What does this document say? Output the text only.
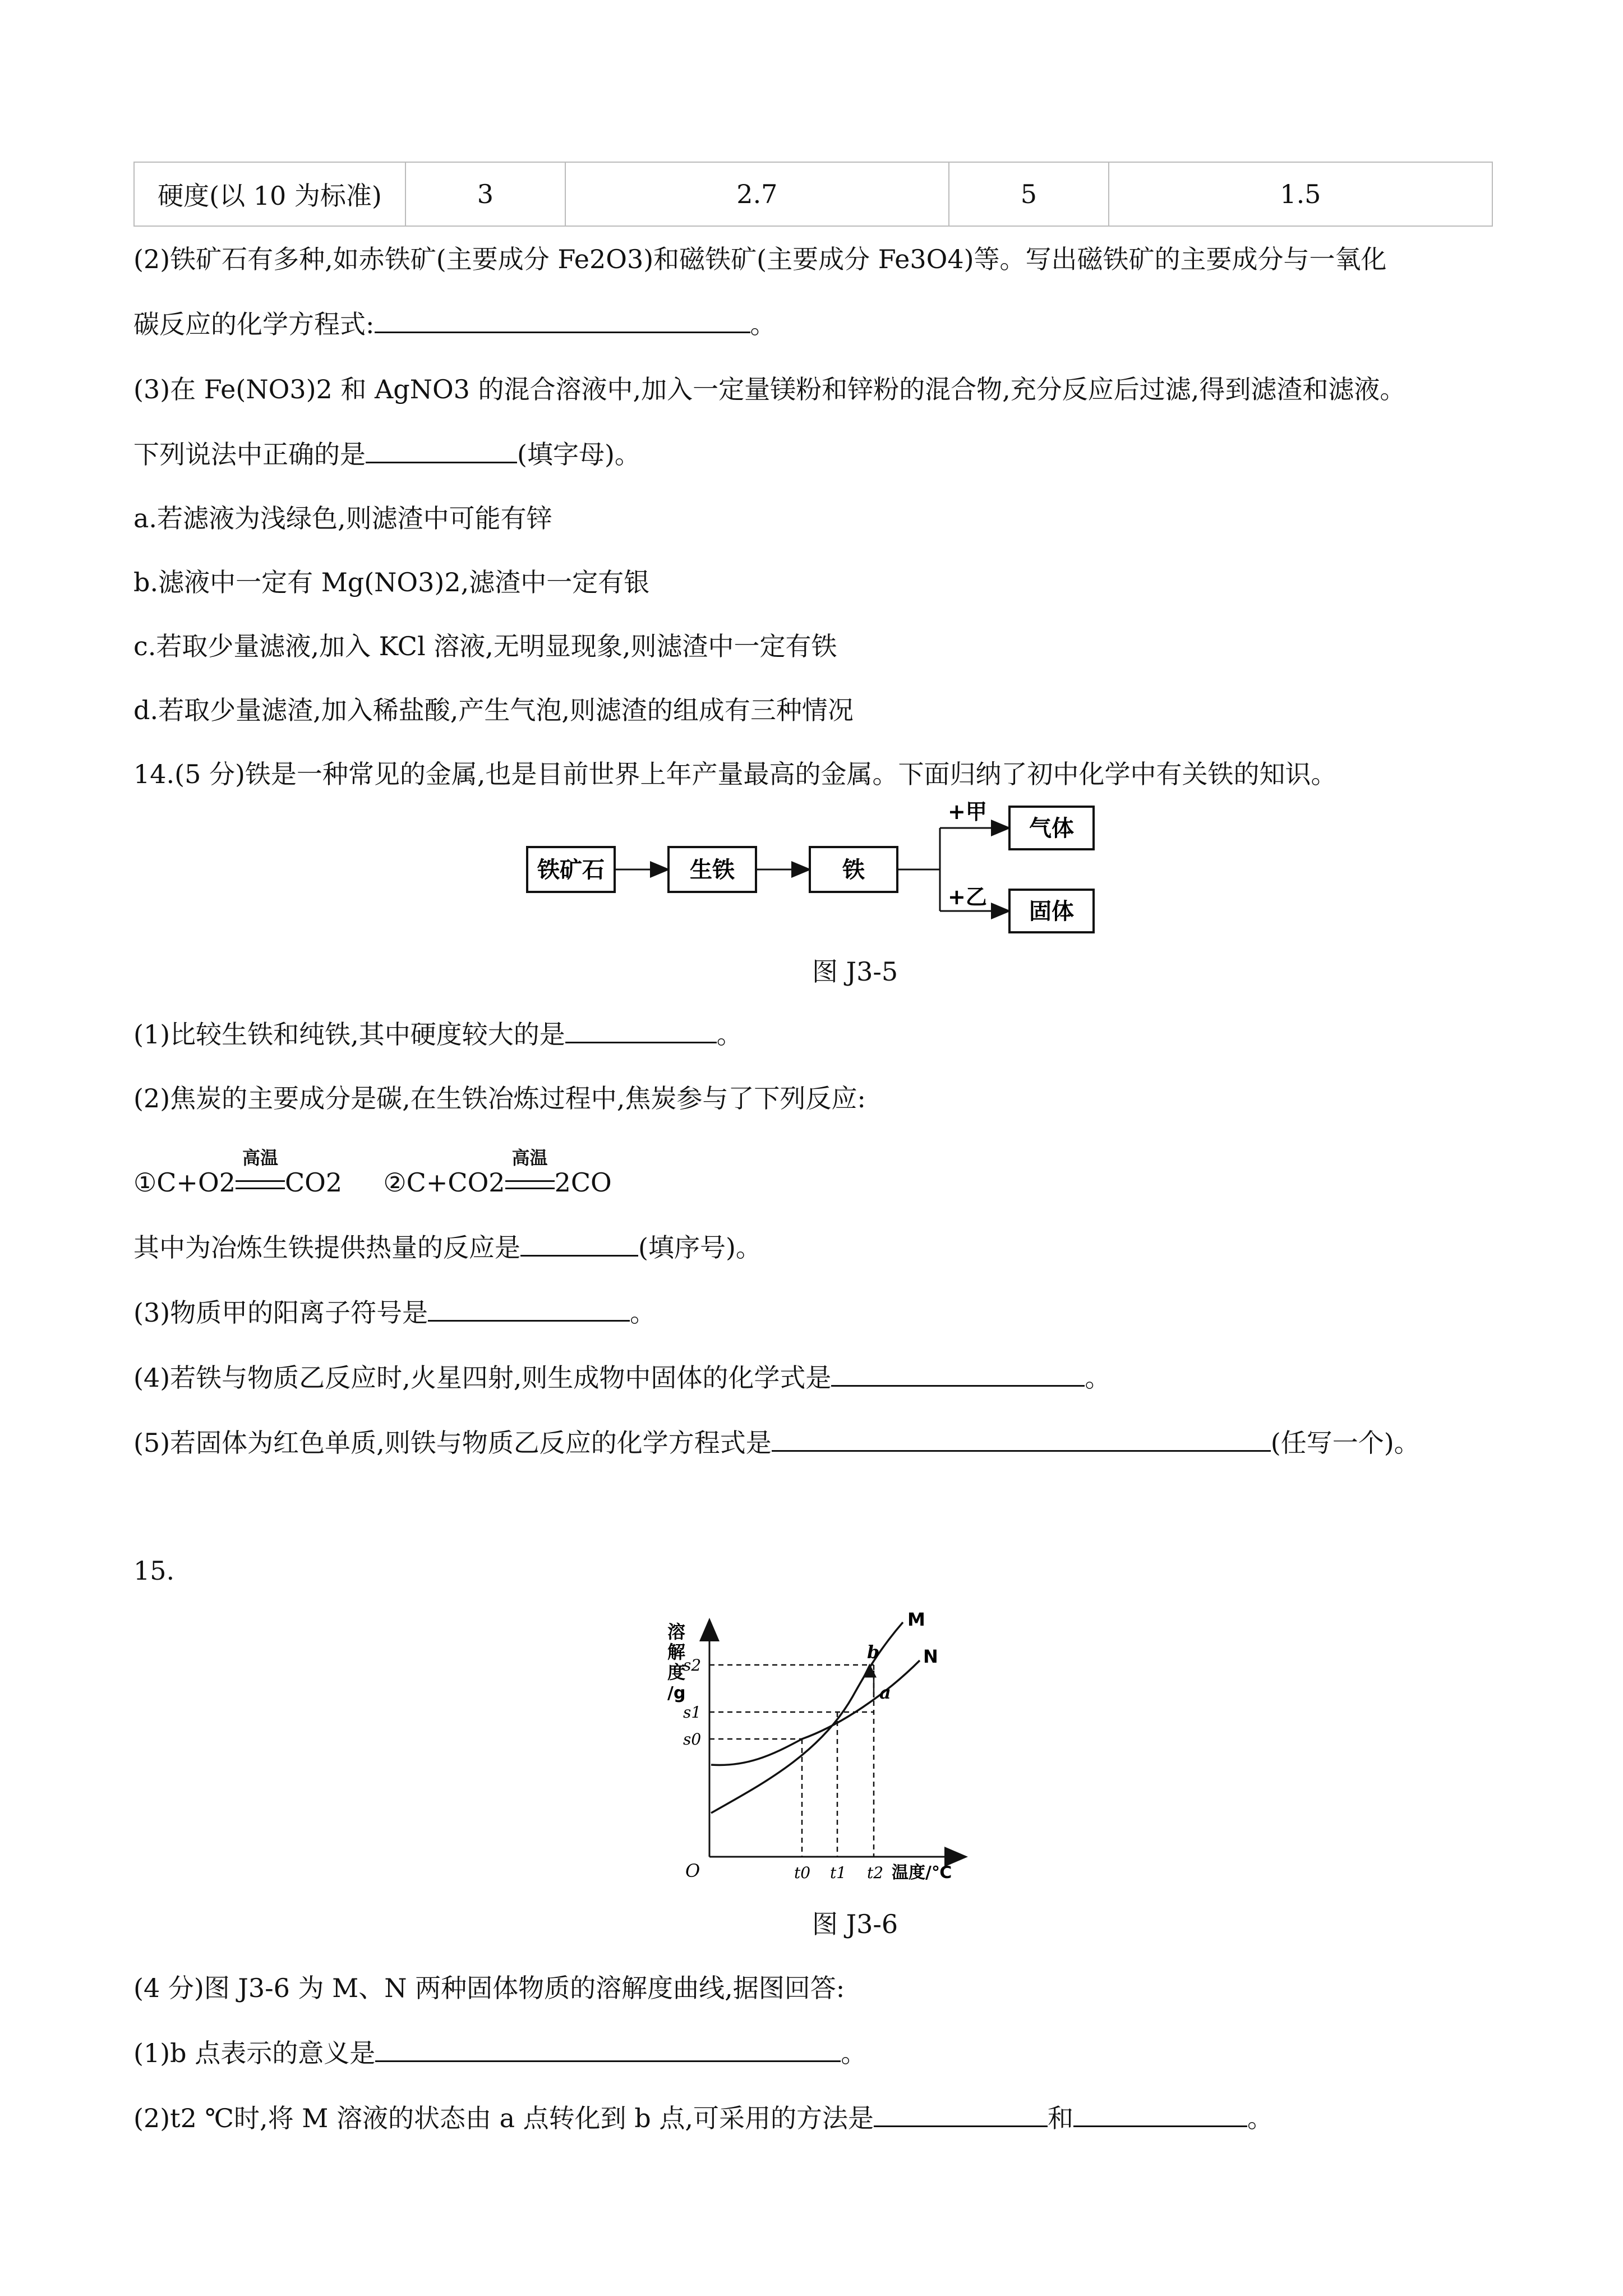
硬度(以 10 为标准)	3	2.7	5	1.5
(2)铁矿石有多种,如赤铁矿(主要成分 Fe2O3)和磁铁矿(主要成分 Fe3O4)等。写出磁铁矿的主要成分与一氧化
碳反应的化学方程式:	。
(3)在 Fe(NO3)2 和 AgNO3 的混合溶液中,加入一定量镁粉和锌粉的混合物,充分反应后过滤,得到滤渣和滤液。
下列说法中正确的是	(填字母)。
a.若滤液为浅绿色,则滤渣中可能有锌
b.滤液中一定有 Mg(NO3)2,滤渣中一定有银
c.若取少量滤液,加入 KCl 溶液,无明显现象,则滤渣中一定有铁
d.若取少量滤渣,加入稀盐酸,产生气泡,则滤渣的组成有三种情况
14.(5 分)铁是一种常见的金属,也是目前世界上年产量最高的金属。下面归纳了初中化学中有关铁的知识。
铁矿石	生铁	铁
+甲
+乙
气体
固体
图 J3-5
(1)比较生铁和纯铁,其中硬度较大的是	。
(2)焦炭的主要成分是碳,在生铁冶炼过程中,焦炭参与了下列反应:
①C+O2
高温
CO2 ②C+CO2
高温
2CO
其中为冶炼生铁提供热量的反应是	(填序号)。
(3)物质甲的阳离子符号是	。
(4)若铁与物质乙反应时,火星四射,则生成物中固体的化学式是	。
(5)若固体为红色单质,则铁与物质乙反应的化学方程式是	(任写一个)。
15.
溶
解
度
/g
O	温度/℃
M
N
b
a
s2
s1
s0
t0 t1 t2
图 J3-6
(4 分)图 J3-6 为 M、N 两种固体物质的溶解度曲线,据图回答:
(1)b 点表示的意义是	。
(2)t2 ℃时,将 M 溶液的状态由 a 点转化到 b 点,可采用的方法是	和	。
